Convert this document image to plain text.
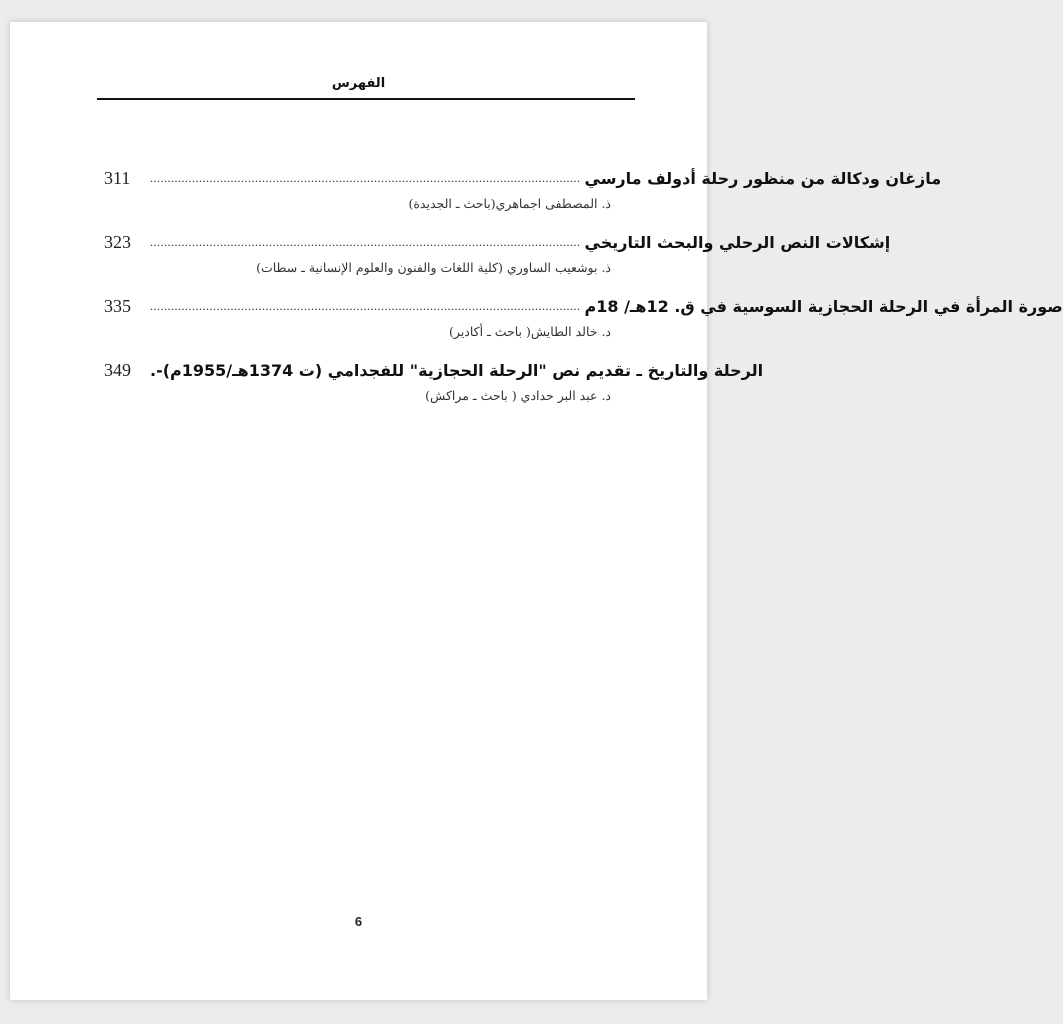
الفهرس
311	........................................................................................................................... مازغان ودكالة من منظور رحلة أدولف مارسي
ذ. المصطفى اجماهري(باحث ـ الجديدة)
323	........................................................................................................................... إشكالات النص الرحلي والبحث التاريخي
ذ. بوشعيب الساوري (كلية اللغات والفنون والعلوم الإنسانية ـ سطات)
335	........................................................................................................................... صورة المرأة في الرحلة الحجازية السوسية في ق. 12هـ/ 18م
د. خالد الطايش( باحث ـ أكادير)
349	الرحلة والتاريخ ـ تقديم نص "الرحلة الحجازية" للفجدامي (ت 1374هـ/1955م)-.
د. عبد البر حدادي ( باحث ـ مراكش)
6
